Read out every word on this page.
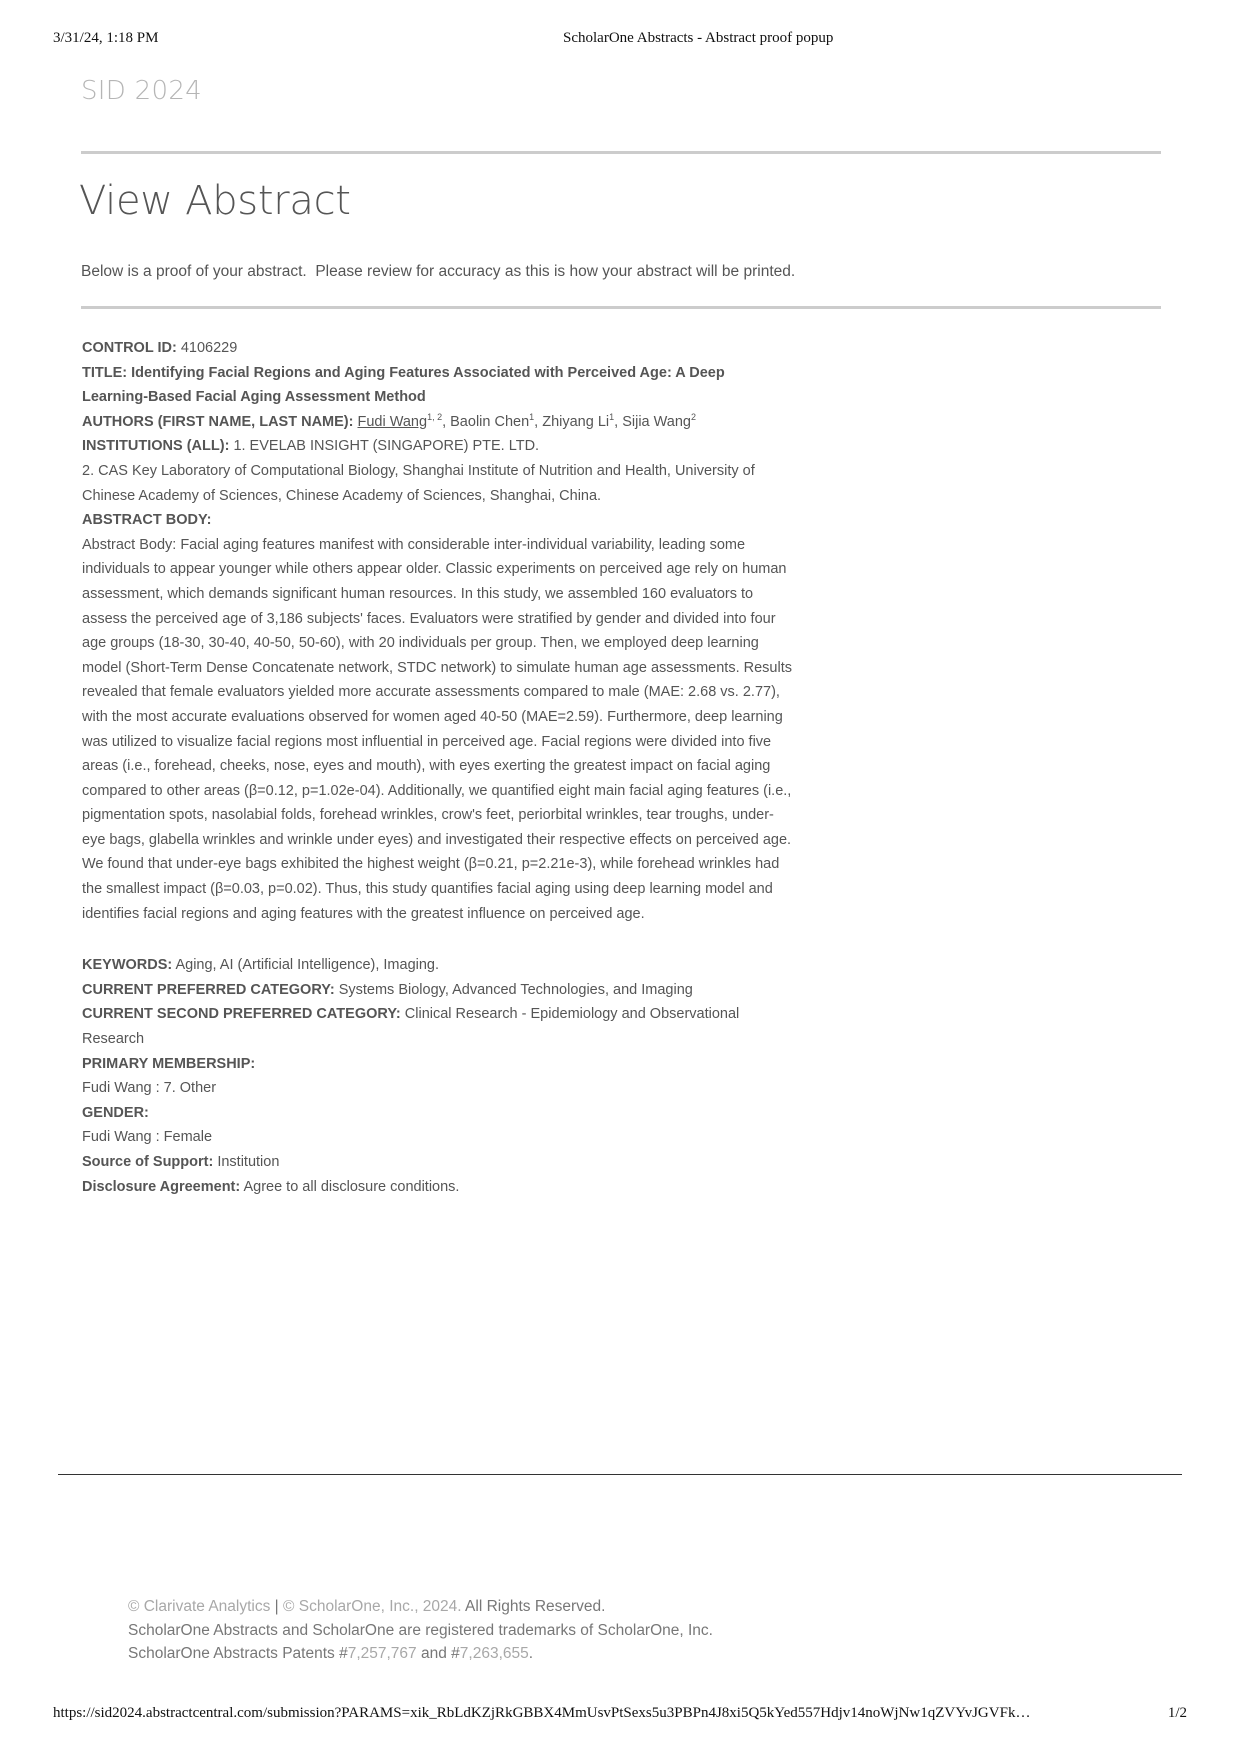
3/31/24, 1:18 PM	ScholarOne Abstracts - Abstract proof popup
SID 2024
View Abstract
Below is a proof of your abstract.  Please review for accuracy as this is how your abstract will be printed.
CONTROL ID: 4106229
TITLE: Identifying Facial Regions and Aging Features Associated with Perceived Age: A Deep
Learning-Based Facial Aging Assessment Method
AUTHORS (FIRST NAME, LAST NAME): Fudi Wang$^{1, 2}$, Baolin Chen$^1$, Zhiyang Li$^1$, Sijia Wang$^2$
INSTITUTIONS (ALL): 1. EVELAB INSIGHT (SINGAPORE) PTE. LTD.
2. CAS Key Laboratory of Computational Biology, Shanghai Institute of Nutrition and Health, University of
Chinese Academy of Sciences, Chinese Academy of Sciences, Shanghai, China.
ABSTRACT BODY:
Abstract Body: Facial aging features manifest with considerable inter-individual variability, leading some
individuals to appear younger while others appear older. Classic experiments on perceived age rely on human
assessment, which demands significant human resources. In this study, we assembled 160 evaluators to
assess the perceived age of 3,186 subjects' faces. Evaluators were stratified by gender and divided into four
age groups (18-30, 30-40, 40-50, 50-60), with 20 individuals per group. Then, we employed deep learning
model (Short-Term Dense Concatenate network, STDC network) to simulate human age assessments. Results
revealed that female evaluators yielded more accurate assessments compared to male (MAE: 2.68 vs. 2.77),
with the most accurate evaluations observed for women aged 40-50 (MAE=2.59). Furthermore, deep learning
was utilized to visualize facial regions most influential in perceived age. Facial regions were divided into five
areas (i.e., forehead, cheeks, nose, eyes and mouth), with eyes exerting the greatest impact on facial aging
compared to other areas (β=0.12, p=1.02e-04). Additionally, we quantified eight main facial aging features (i.e.,
pigmentation spots, nasolabial folds, forehead wrinkles, crow's feet, periorbital wrinkles, tear troughs, under-
eye bags, glabella wrinkles and wrinkle under eyes) and investigated their respective effects on perceived age.
We found that under-eye bags exhibited the highest weight (β=0.21, p=2.21e-3), while forehead wrinkles had
the smallest impact (β=0.03, p=0.02). Thus, this study quantifies facial aging using deep learning model and
identifies facial regions and aging features with the greatest influence on perceived age.
KEYWORDS: Aging, AI (Artificial Intelligence), Imaging.
CURRENT PREFERRED CATEGORY: Systems Biology, Advanced Technologies, and Imaging
CURRENT SECOND PREFERRED CATEGORY: Clinical Research - Epidemiology and Observational
Research
PRIMARY MEMBERSHIP:
Fudi Wang : 7. Other
GENDER:
Fudi Wang : Female
Source of Support: Institution
Disclosure Agreement: Agree to all disclosure conditions.
© Clarivate Analytics | © ScholarOne, Inc., 2024. All Rights Reserved.
ScholarOne Abstracts and ScholarOne are registered trademarks of ScholarOne, Inc.
ScholarOne Abstracts Patents #7,257,767 and #7,263,655.
https://sid2024.abstractcentral.com/submission?PARAMS=xik_RbLdKZjRkGBBX4MmUsvPtSexs5u3PBPn4J8xi5Q5kYed557Hdjv14noWjNw1qZVYvJGVFk…	1/2
